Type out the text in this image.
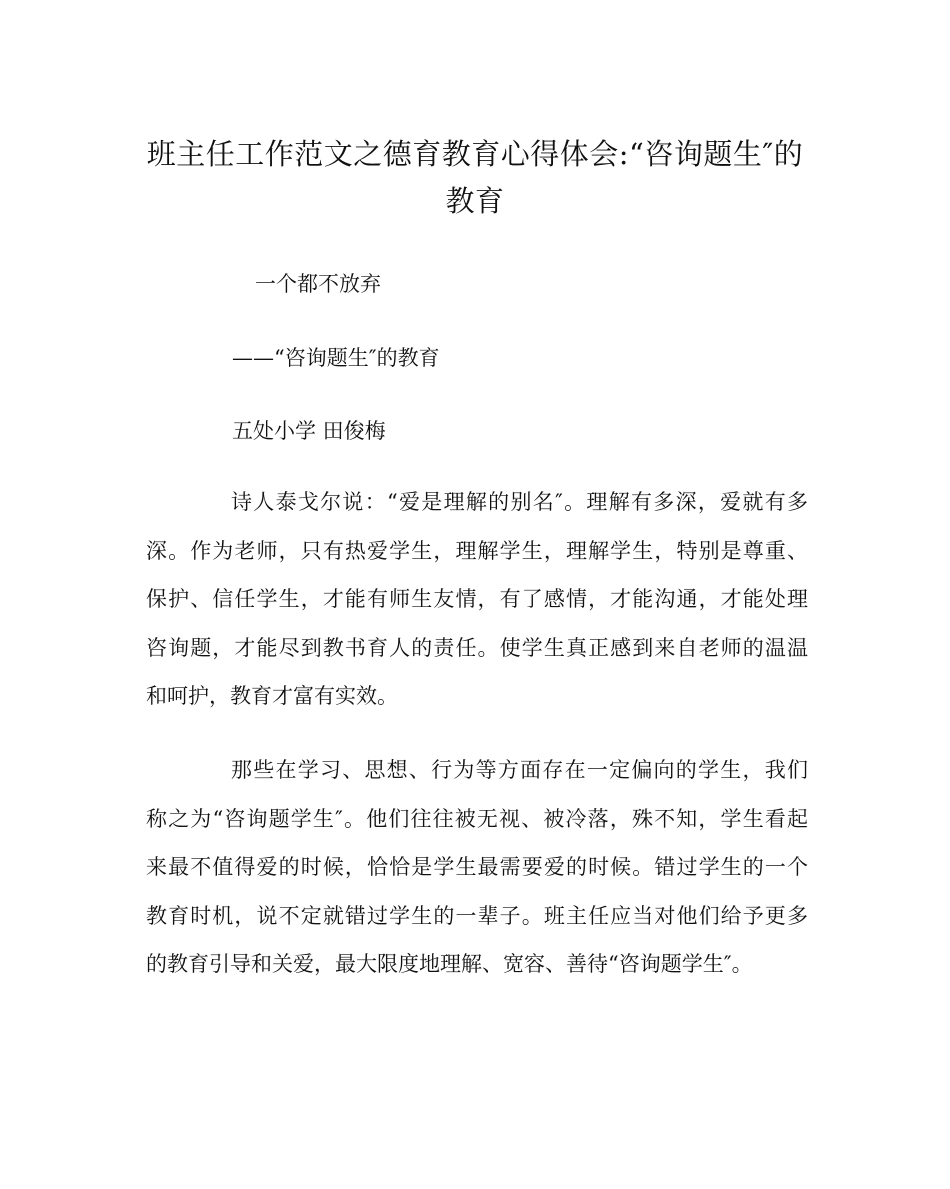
班主任工作范文之德育教育心得体会:“咨询题生″的
教育
一个都不放弃
——“咨询题生″的教育
五处小学 田俊梅
诗人泰戈尔说：“爱是理解的别名″。理解有多深，爱就有多
深。作为老师，只有热爱学生，理解学生，理解学生，特别是尊重、
保护、信任学生，才能有师生友情，有了感情，才能沟通，才能处理
咨询题，才能尽到教书育人的责任。使学生真正感到来自老师的温温
和呵护，教育才富有实效。
那些在学习、思想、行为等方面存在一定偏向的学生，我们
称之为“咨询题学生″。他们往往被无视、被冷落，殊不知，学生看起
来最不值得爱的时候，恰恰是学生最需要爱的时候。错过学生的一个
教育时机，说不定就错过学生的一辈子。班主任应当对他们给予更多
的教育引导和关爱，最大限度地理解、宽容、善待“咨询题学生″。
